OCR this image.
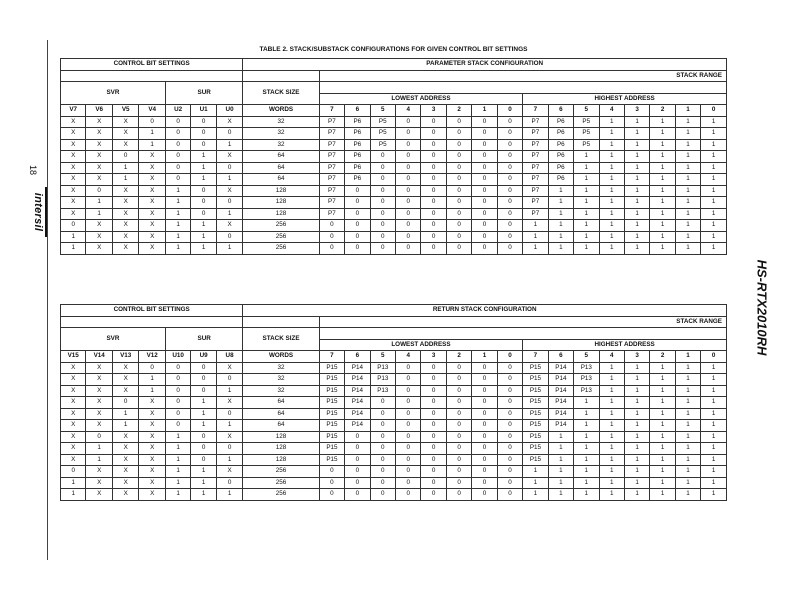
18
intersil
HS-RTX2010RH
TABLE 2. STACK/SUBSTACK CONFIGURATIONS FOR GIVEN CONTROL BIT SETTINGS
CONTROL BIT SETTINGS							PARAMETER STACK CONFIGURATION																
								STACK RANGE															
SVR				SUR			STACK SIZE																
								LOWEST ADDRESS								HIGHEST ADDRESS							
V7	V6	V5	V4	U2	U1	U0	WORDS	7	6	5	4	3	2	1	0	7	6	5	4	3	2	1	0
X	X	X	0	0	0	X	32	P7	P6	P5	0	0	0	0	0	P7	P6	P5	1	1	1	1	1
X	X	X	1	0	0	0	32	P7	P6	P5	0	0	0	0	0	P7	P6	P5	1	1	1	1	1
X	X	X	1	0	0	1	32	P7	P6	P5	0	0	0	0	0	P7	P6	P5	1	1	1	1	1
X	X	0	X	0	1	X	64	P7	P6	0	0	0	0	0	0	P7	P6	1	1	1	1	1	1
X	X	1	X	0	1	0	64	P7	P6	0	0	0	0	0	0	P7	P6	1	1	1	1	1	1
X	X	1	X	0	1	1	64	P7	P6	0	0	0	0	0	0	P7	P6	1	1	1	1	1	1
X	0	X	X	1	0	X	128	P7	0	0	0	0	0	0	0	P7	1	1	1	1	1	1	1
X	1	X	X	1	0	0	128	P7	0	0	0	0	0	0	0	P7	1	1	1	1	1	1	1
X	1	X	X	1	0	1	128	P7	0	0	0	0	0	0	0	P7	1	1	1	1	1	1	1
0	X	X	X	1	1	X	256	0	0	0	0	0	0	0	0	1	1	1	1	1	1	1	1
1	X	X	X	1	1	0	256	0	0	0	0	0	0	0	0	1	1	1	1	1	1	1	1
1	X	X	X	1	1	1	256	0	0	0	0	0	0	0	0	1	1	1	1	1	1	1	1
CONTROL BIT SETTINGS							RETURN STACK CONFIGURATION																
								STACK RANGE															
SVR				SUR			STACK SIZE																
								LOWEST ADDRESS								HIGHEST ADDRESS							
V15	V14	V13	V12	U10	U9	U8	WORDS	7	6	5	4	3	2	1	0	7	6	5	4	3	2	1	0
X	X	X	0	0	0	X	32	P15	P14	P13	0	0	0	0	0	P15	P14	P13	1	1	1	1	1
X	X	X	1	0	0	0	32	P15	P14	P13	0	0	0	0	0	P15	P14	P13	1	1	1	1	1
X	X	X	1	0	0	1	32	P15	P14	P13	0	0	0	0	0	P15	P14	P13	1	1	1	1	1
X	X	0	X	0	1	X	64	P15	P14	0	0	0	0	0	0	P15	P14	1	1	1	1	1	1
X	X	1	X	0	1	0	64	P15	P14	0	0	0	0	0	0	P15	P14	1	1	1	1	1	1
X	X	1	X	0	1	1	64	P15	P14	0	0	0	0	0	0	P15	P14	1	1	1	1	1	1
X	0	X	X	1	0	X	128	P15	0	0	0	0	0	0	0	P15	1	1	1	1	1	1	1
X	1	X	X	1	0	0	128	P15	0	0	0	0	0	0	0	P15	1	1	1	1	1	1	1
X	1	X	X	1	0	1	128	P15	0	0	0	0	0	0	0	P15	1	1	1	1	1	1	1
0	X	X	X	1	1	X	256	0	0	0	0	0	0	0	0	1	1	1	1	1	1	1	1
1	X	X	X	1	1	0	256	0	0	0	0	0	0	0	0	1	1	1	1	1	1	1	1
1	X	X	X	1	1	1	256	0	0	0	0	0	0	0	0	1	1	1	1	1	1	1	1
